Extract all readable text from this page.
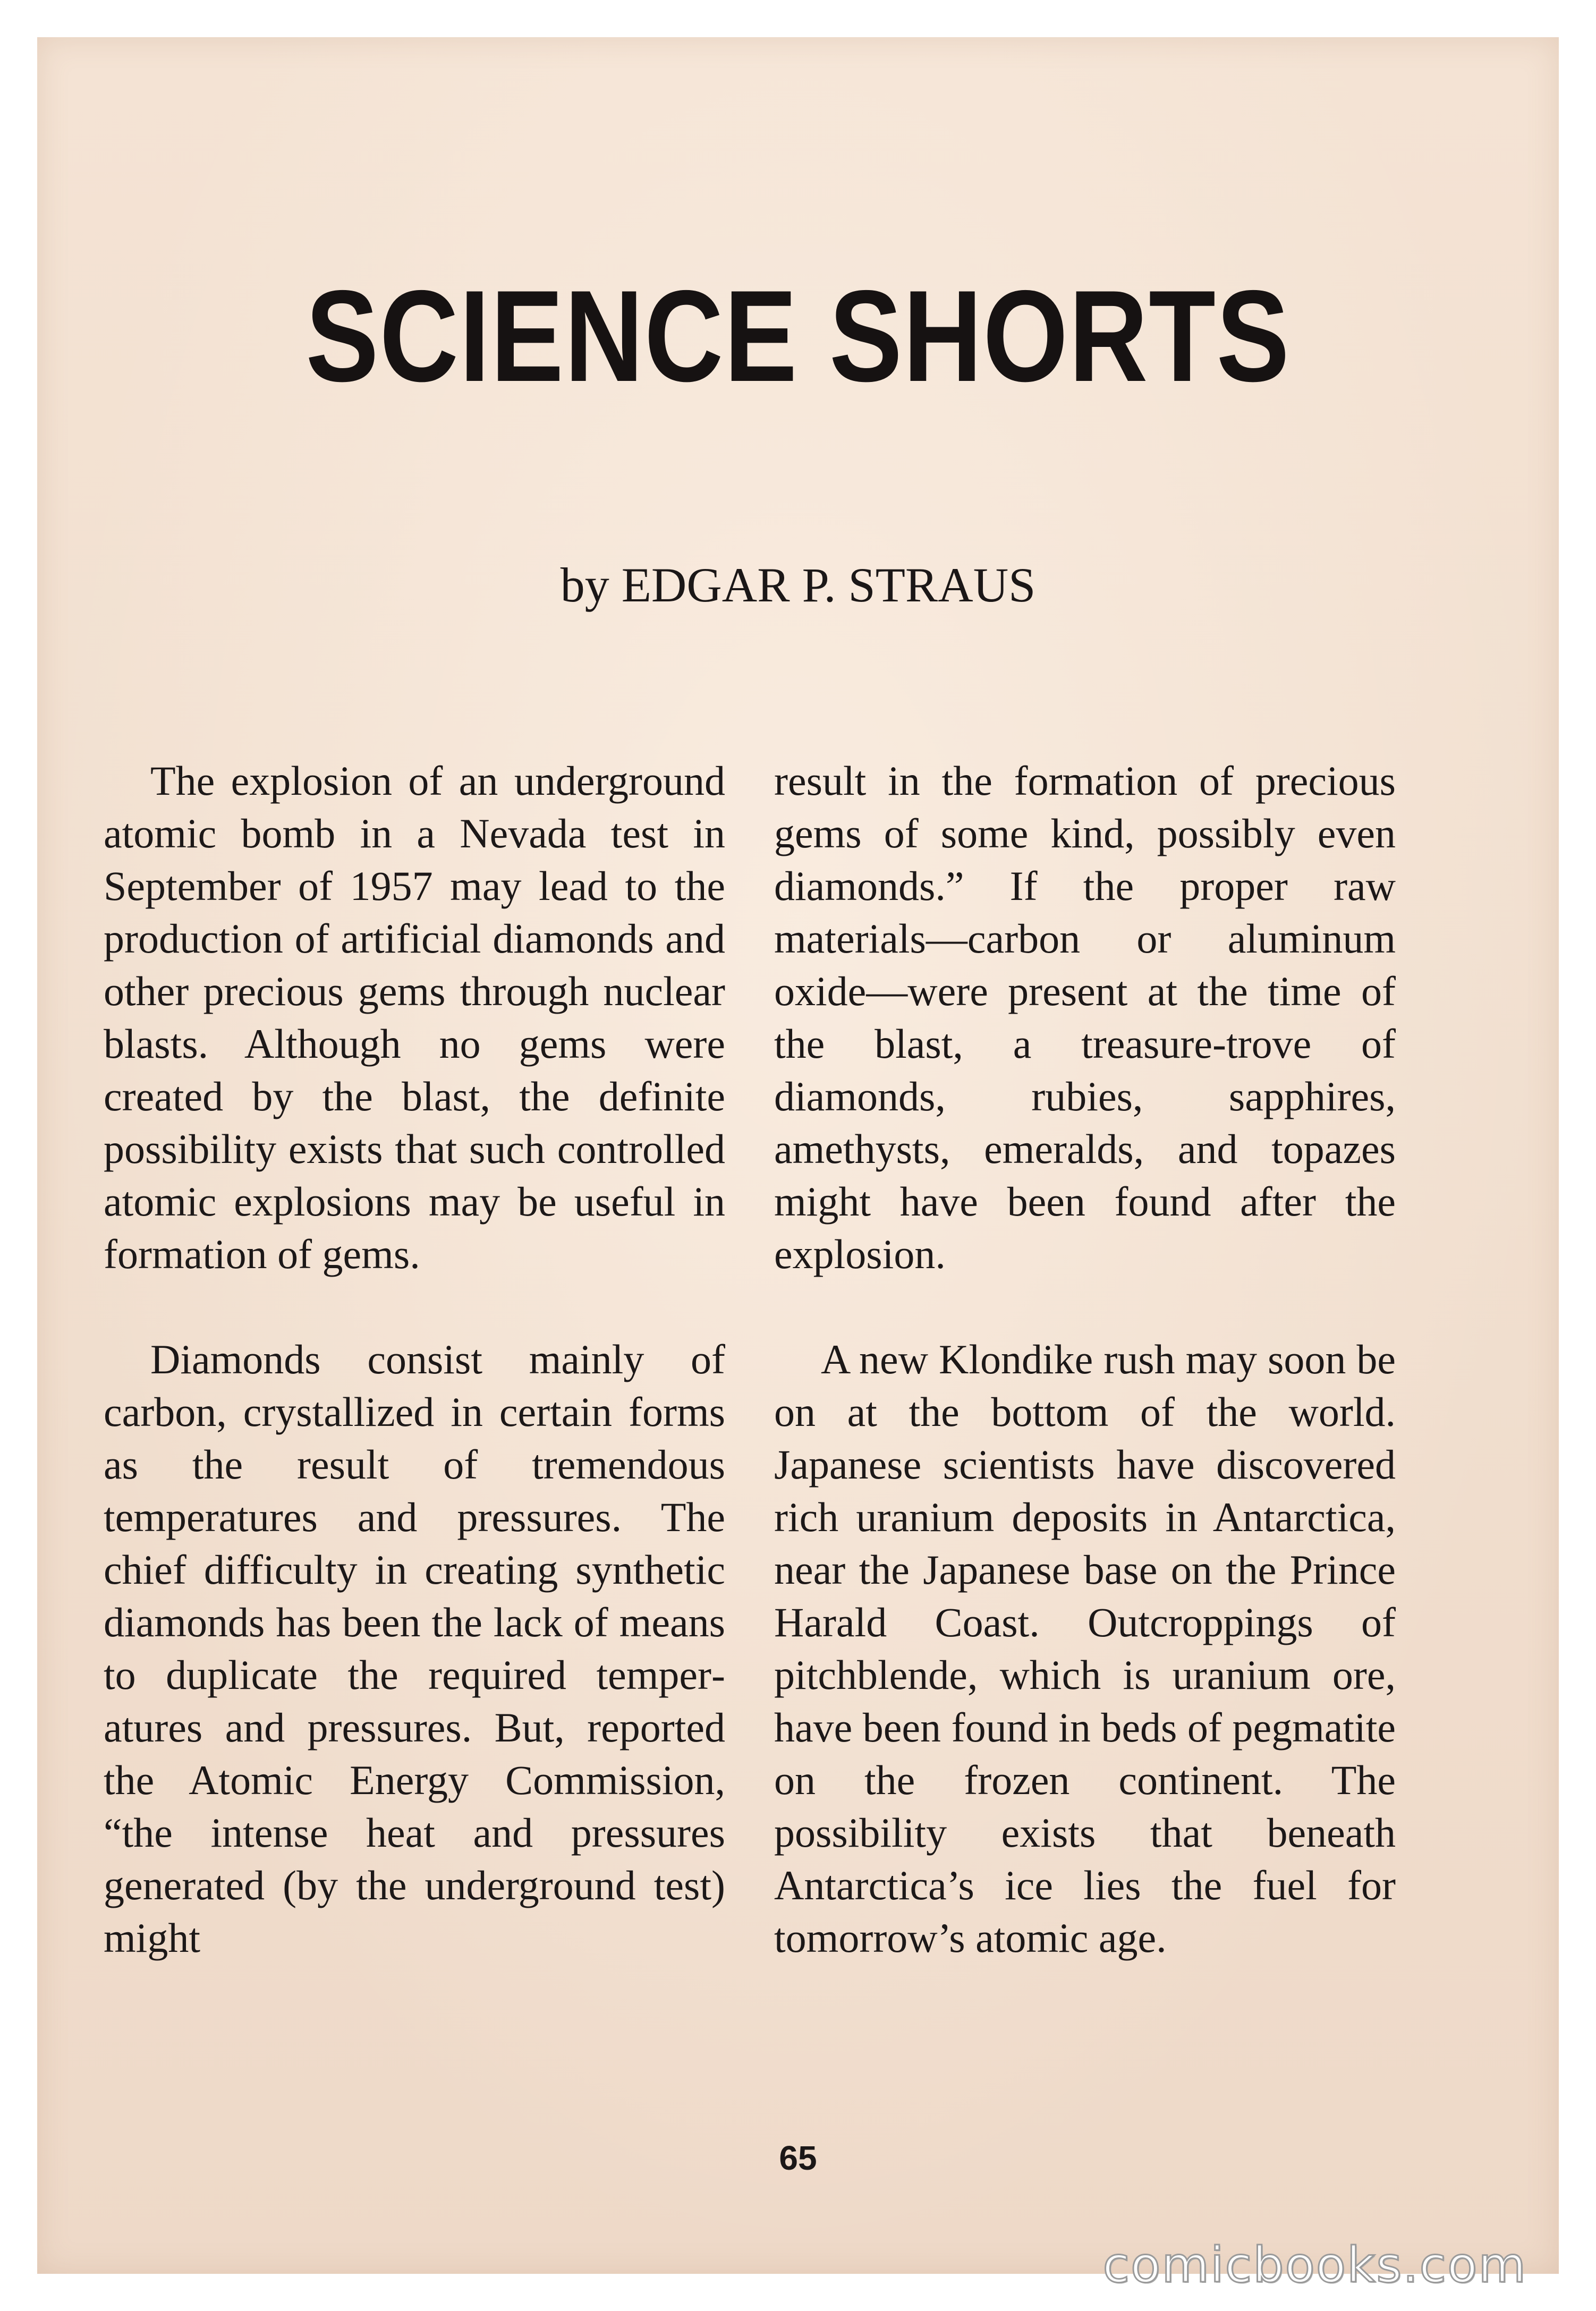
SCIENCE SHORTS
by EDGAR P. STRAUS

The explosion of an underground atomic bomb in a Nevada test in September of 1957 may lead to the production of artificial diamonds and other precious gems through nuclear blasts. Although no gems were created by the blast, the definite possibility exists that such controlled atomic explosions may be useful in formation of gems.

Diamonds consist mainly of carbon, crystallized in certain forms as the result of tremendous temperatures and pressures. The chief difficulty in creating synthetic diamonds has been the lack of means to duplicate the required temperatures and pressures. But, reported the Atomic Energy Commission, “the intense heat and pressures generated (by the underground test) might

result in the formation of precious gems of some kind, possibly even diamonds.” If the proper raw materials—carbon or aluminum oxide—were present at the time of the blast, a treasure-trove of diamonds, rubies, sapphires, amethysts, emeralds, and topazes might have been found after the explosion.

A new Klondike rush may soon be on at the bottom of the world. Japanese scientists have discovered rich uranium deposits in Antarctica, near the Japanese base on the Prince Harald Coast. Outcroppings of pitchblende, which is uranium ore, have been found in beds of pegmatite on the frozen continent. The possibility exists that beneath Antarctica’s ice lies the fuel for tomorrow’s atomic age.

65
comicbooks.com
